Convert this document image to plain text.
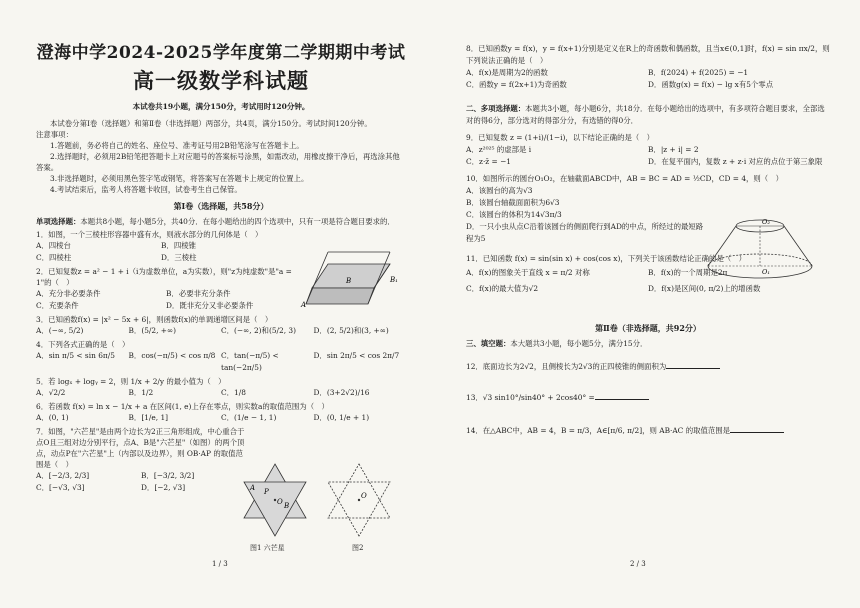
澄海中学2024-2025学年度第二学期期中考试
高一级数学科试题
本试卷共19小题，满分150分，考试用时120分钟。

本试卷分第Ⅰ卷（选择题）和第Ⅱ卷（非选择题）两部分，共4页，满分150分。考试时间120分钟。

注意事项：

1.答题前，务必将自己的姓名、座位号、准考证号用2B铅笔涂写在答题卡上。

2.选择题时，必须用2B铅笔把答题卡上对应题号的答案标号涂黑，如需改动，用橡皮擦干净后，再选涂其他答案。

3.非选择题时，必须用黑色签字笔或钢笔，将答案写在答题卡上规定的位置上。

4.考试结束后，监考人将答题卡收回，试卷考生自己保管。

第Ⅰ卷（选择题，共58分）

单项选择题：本题共8小题，每小题5分，共40分．在每小题给出的四个选项中，只有一项是符合题目要求的．

1．如图，一个三棱柱形容器中盛有水，则液水部分的几何体是（　）

A．四棱台	B．四棱锥
C．四棱柱	D．三棱柱

2．已知复数z = a² − 1 + i（i为虚数单位，a为实数），则"z为纯虚数"是"a = 1"的（　）

A．充分非必要条件	B．必要非充分条件
C．充要条件	D．既非充分又非必要条件

3．已知函数f(x) = |x² − 5x + 6|，则函数f(x)的单调递增区间是（　）

A．(−∞, 5/2)	B．(5/2, +∞)	C．(−∞, 2)和(5/2, 3)	D．(2, 5/2)和(3, +∞)

4．下列各式正确的是（　）

A．sin π/5 < sin 6π/5	B．cos(−π/5) < cos π/8 C．tan(−π/5) < tan(−2π/5)
D．sin 2π/5 < cos 2π/7

5．若 logₓ + logᵧ = 2，则 1/x + 2/y 的最小值为（　）

A．√2/2	B．1/2	C．1/8	D．(3+2√2)/16

6．若函数 f(x) = ln x − 1/x + a 在区间(1, e)上存在零点，则实数a的取值范围为（　）

A．(0, 1)	B．[1/e, 1]	C．(1/e − 1, 1)	D．(0, 1/e + 1)

7．如图，"六芒星"是由两个边长为2正三角形组成，中心重合于点O且三组对边分别平行，点A、B是"六芒星"（如图）的两个顶点，动点P在"六芒星"上（内部以及边界），则 OB·AP 的取值范围是（　）

A．[−2/3, 2/3]	B．[−3/2, 3/2]
C．[−√3, √3]	D．[−2, √3]
A
B	B₁
O
P
A
B
图1 六芒星
O
图2
1 / 3

8．已知函数y = f(x)，y = f(x+1)分别是定义在R上的奇函数和偶函数，且当x∈(0,1]时，f(x) = sin πx/2，则下列说法正确的是（　）

A．f(x)是周期为2的函数	B．f(2024) + f(2025) = −1
C．函数y = f(2x+1)为奇函数	D．函数g(x) = f(x) − lg x有5个零点

二、多项选择题：本题共3小题，每小题6分，共18分．在每小题给出的选项中，有多项符合题目要求，全部选对的得6分，部分选对的得部分分，有选错的得0分．

9．已知复数 z = (1+i)/(1−i)，以下结论正确的是（　）

A．z²⁰²⁵ 的虚部是 i	B．|z + i| = 2
C．z·z̄ = −1	D．在复平面内，复数 z + z·i 对应的点位于第三象限

10．如图所示的圆台O₁O₂，在轴截面ABCD中，AB = BC = AD = ½CD，CD = 4，则（　）

A．该圆台的高为√3
B．该圆台轴截面面积为6√3
C．该圆台的体积为14√3π/3
D．一只小虫从点C沿着该圆台的侧面爬行到AD的中点，所经过的最短路程为5
O₂
O₁

11．已知函数 f(x) = sin(sin x) + cos(cos x)，下列关于该函数结论正确的是（　）

A．f(x)的图象关于直线 x = π/2 对称	B．f(x)的一个周期是2π
C．f(x)的最大值为√2	D．f(x)是区间(0, π/2)上的增函数
第Ⅱ卷（非选择题，共92分）

三、填空题：本大题共3小题，每小题5分，满分15分．

12．底面边长为2√2，且侧棱长为2√3的正四棱锥的侧面积为

13．√3 sin10°/sin40° + 2cos40° =

14．在△ABC中，AB = 4，B = π/3，A∈[π/6, π/2]，则 AB·AC 的取值范围是

2 / 3
